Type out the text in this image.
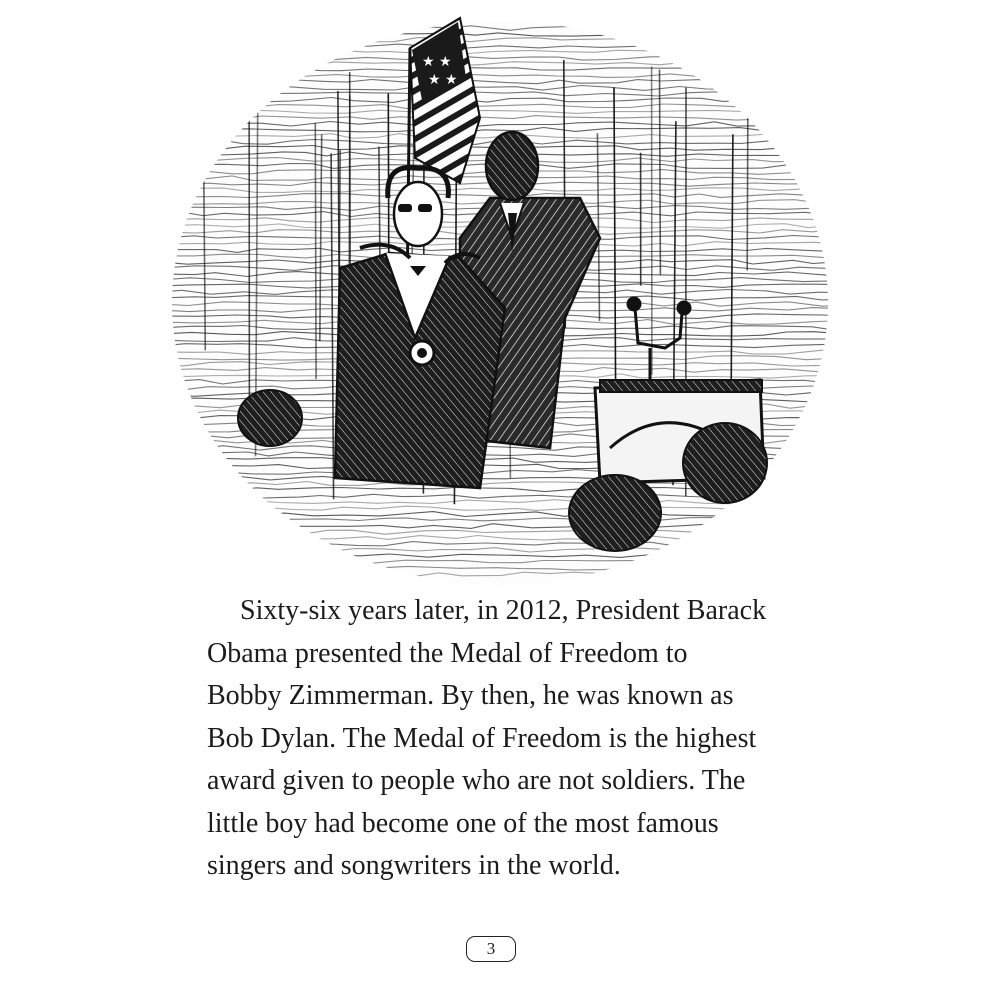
★ ★
★ ★

Sixty-six years later, in 2012, President Barack
Obama presented the Medal of Freedom to
Bobby Zimmerman. By then, he was known as
Bob Dylan. The Medal of Freedom is the highest
award given to people who are not soldiers. The
little boy had become one of the most famous
singers and songwriters in the world.

3
